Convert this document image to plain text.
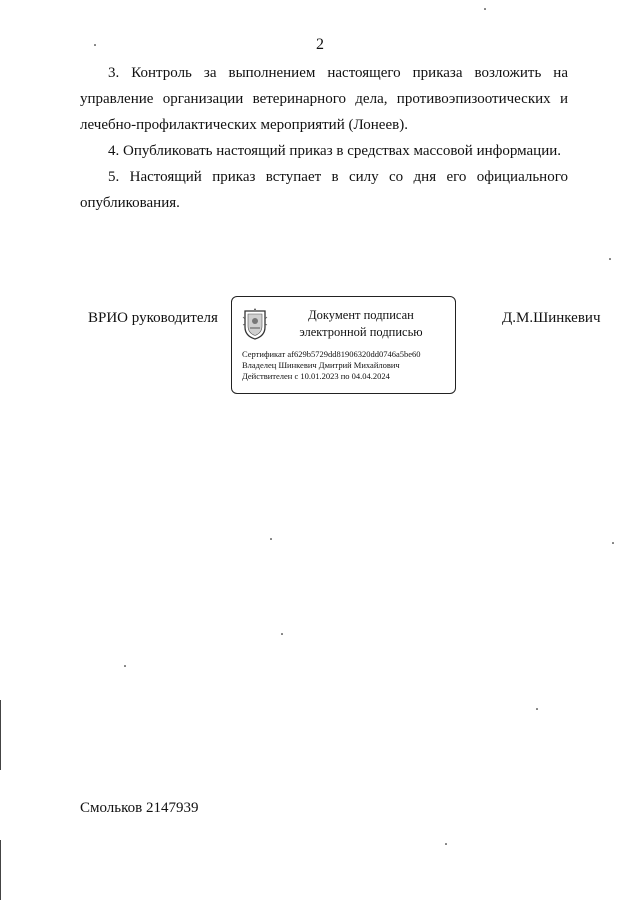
2

3. Контроль за выполнением настоящего приказа возложить на управление организации ветеринарного дела, противоэпизоотических и лечебно-профилактических мероприятий (Лонеев).

4. Опубликовать настоящий приказ в средствах массовой информации.

5. Настоящий приказ вступает в силу со дня его официального опубликования.

ВРИО руководителя	Документ подписан
электронной подписью
Сертификат af629b5729dd81906320dd0746a5be60
Владелец Шинкевич Дмитрий Михайлович
Действителен с 10.01.2023 по 04.04.2024
Д.М.Шинкевич
Смольков 2147939
